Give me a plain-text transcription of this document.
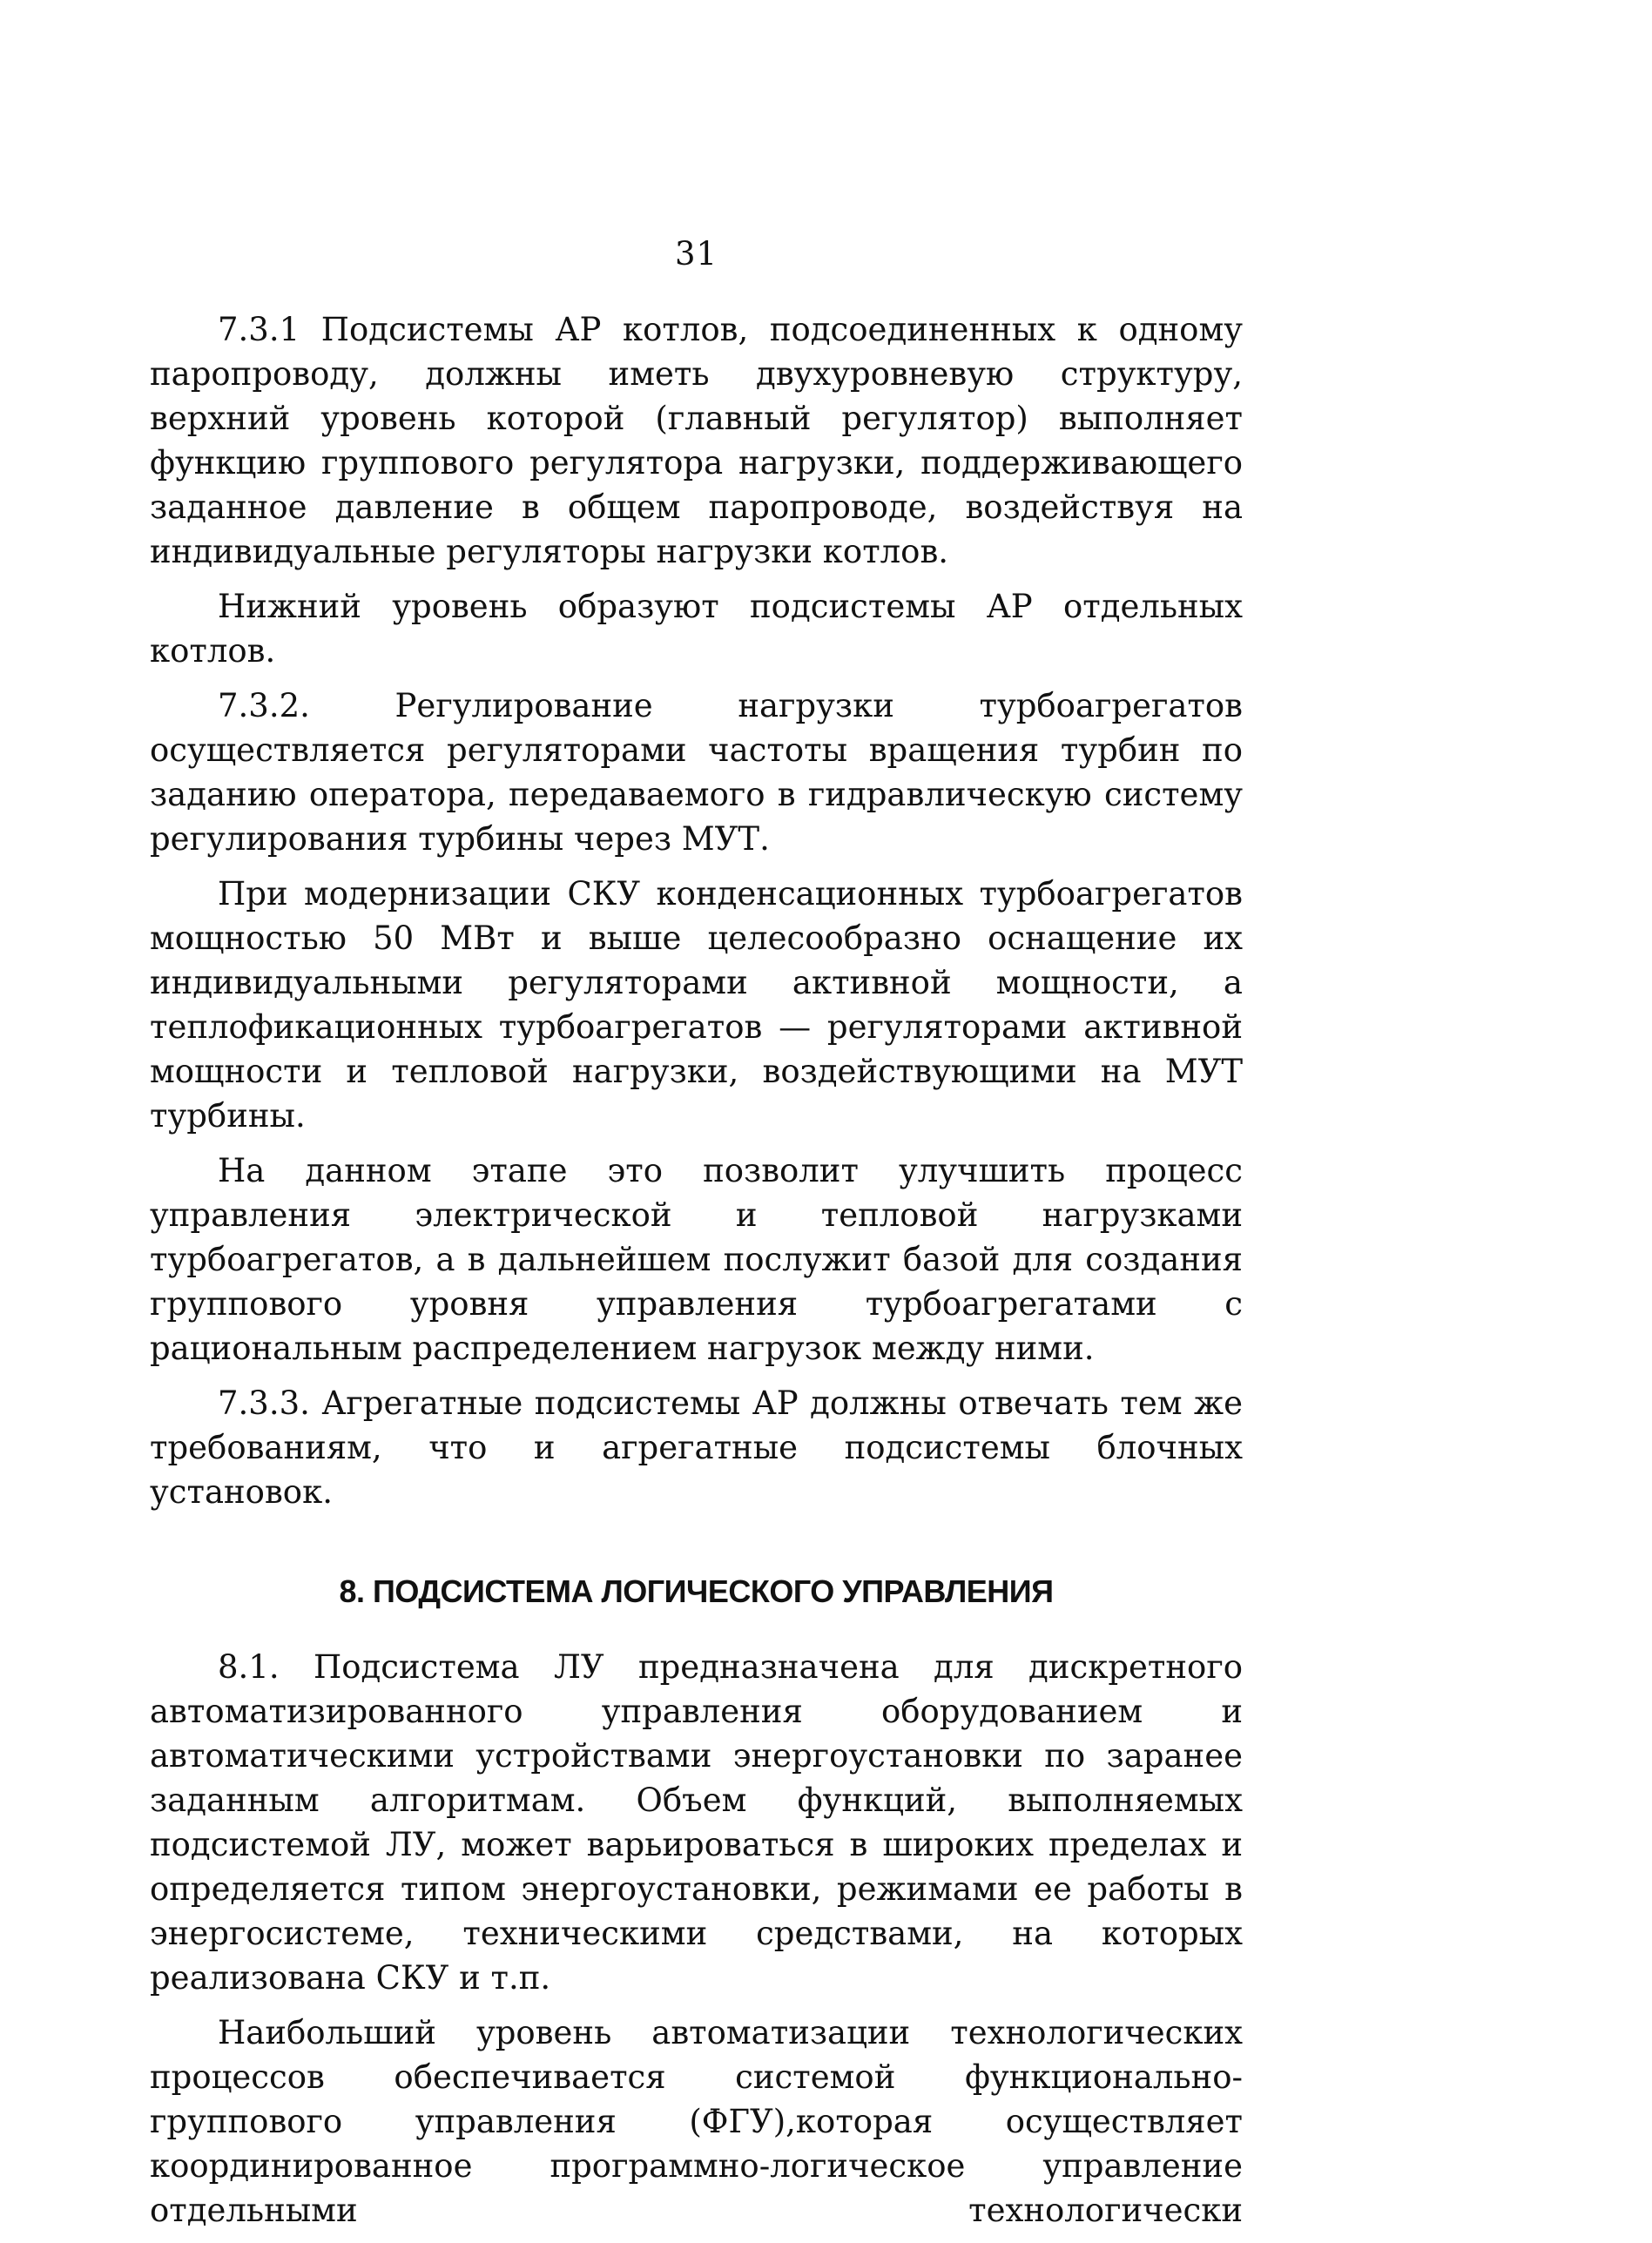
31

7.3.1 Подсистемы АР котлов, подсоединенных к одному паропроводу, должны иметь двухуровневую структуру, верхний уровень которой (главный регулятор) выполняет функцию группового регулятора нагрузки, поддерживающего заданное давление в общем паропроводе, воздействуя на индивидуальные регуляторы нагрузки котлов.

Нижний уровень образуют подсистемы АР отдельных котлов.

7.3.2. Регулирование нагрузки турбоагрегатов осуществляется регуляторами частоты вращения турбин по заданию оператора, передаваемого в гидравлическую систему регулирования турбины через МУТ.

При модернизации СКУ конденсационных турбоагрегатов мощностью 50 МВт и выше целесообразно оснащение их индивидуальными регуляторами активной мощности, а теплофикационных турбоагрегатов — регуляторами активной мощности и тепловой нагрузки, воздействующими на МУТ турбины.

На данном этапе это позволит улучшить процесс управления электрической и тепловой нагрузками турбоагрегатов, а в дальнейшем послужит базой для создания группового уровня управления турбоагрегатами с рациональным распределением нагрузок между ними.

7.3.3. Агрегатные подсистемы АР должны отвечать тем же требованиям, что и агрегатные подсистемы блочных установок.

8. ПОДСИСТЕМА ЛОГИЧЕСКОГО УПРАВЛЕНИЯ

8.1. Подсистема ЛУ предназначена для дискретного автоматизированного управления оборудованием и автоматическими устройствами энергоустановки по заранее заданным алгоритмам. Объем функций, выполняемых подсистемой ЛУ, может варьироваться в широких пределах и определяется типом энергоустановки, режимами ее работы в энергосистеме, техническими средствами, на которых реализована СКУ и т.п.

Наибольший уровень автоматизации технологических процессов обеспечивается системой функционально-группового управления (ФГУ),которая осуществляет координированное программно-логическое управление отдельными технологически
